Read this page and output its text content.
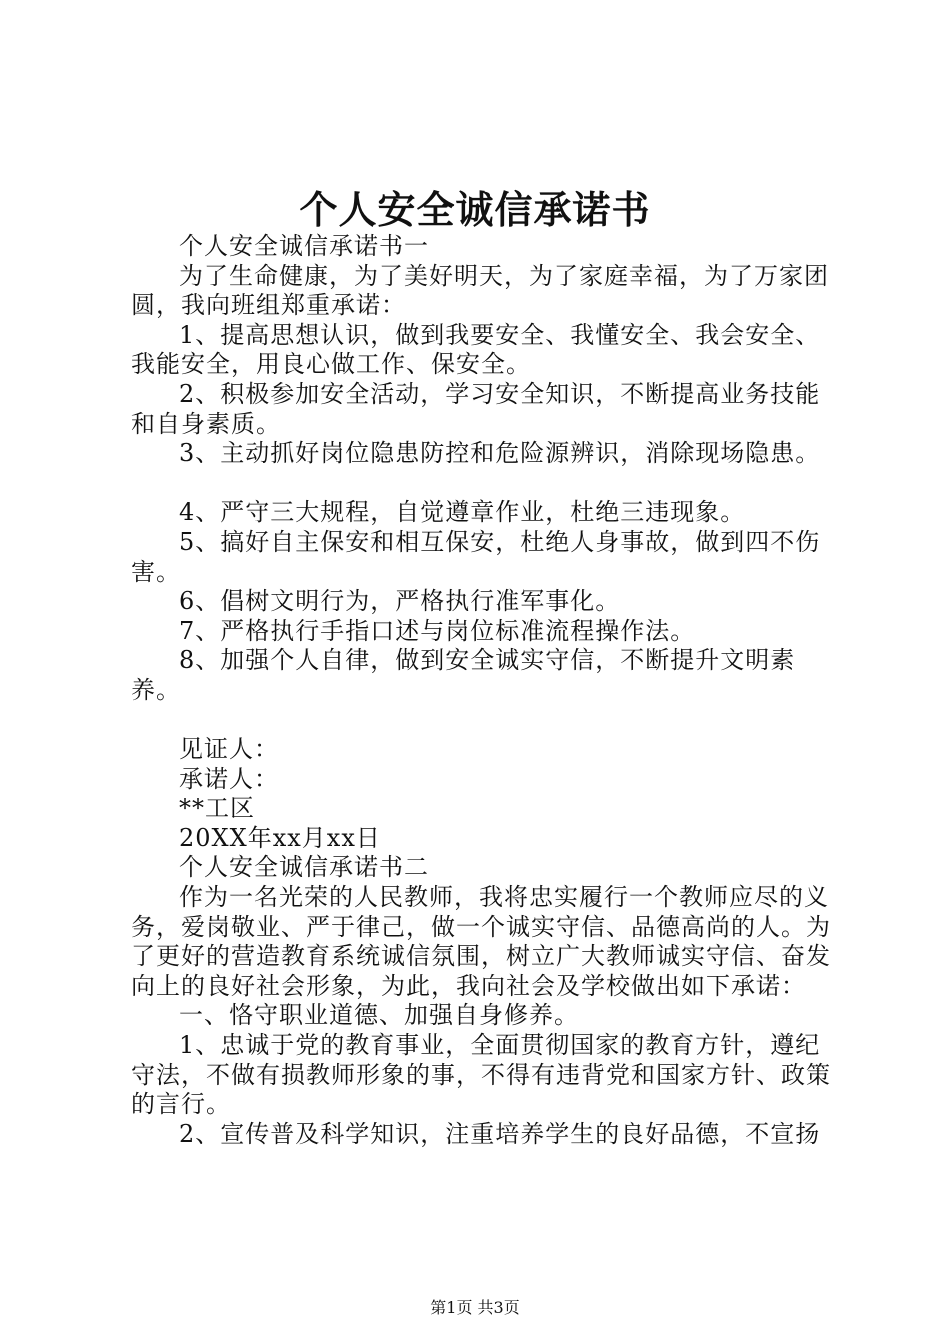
个人安全诚信承诺书

个人安全诚信承诺书一

为了生命健康，为了美好明天，为了家庭幸福，为了万家团圆，我向班组郑重承诺：

1、提高思想认识，做到我要安全、我懂安全、我会安全、我能安全，用良心做工作、保安全。

2、积极参加安全活动，学习安全知识，不断提高业务技能和自身素质。

3、主动抓好岗位隐患防控和危险源辨识，消除现场隐患。

4、严守三大规程，自觉遵章作业，杜绝三违现象。

5、搞好自主保安和相互保安，杜绝人身事故，做到四不伤害。

6、倡树文明行为，严格执行准军事化。

7、严格执行手指口述与岗位标准流程操作法。

8、加强个人自律，做到安全诚实守信，不断提升文明素养。

见证人：

承诺人：

**工区

20XX年xx月xx日

个人安全诚信承诺书二

作为一名光荣的人民教师，我将忠实履行一个教师应尽的义务，爱岗敬业、严于律己，做一个诚实守信、品德高尚的人。为了更好的营造教育系统诚信氛围，树立广大教师诚实守信、奋发向上的良好社会形象，为此，我向社会及学校做出如下承诺：

一、恪守职业道德、加强自身修养。

1、忠诚于党的教育事业，全面贯彻国家的教育方针，遵纪守法，不做有损教师形象的事，不得有违背党和国家方针、政策的言行。

2、宣传普及科学知识，注重培养学生的良好品德，不宣扬

第1页 共3页
